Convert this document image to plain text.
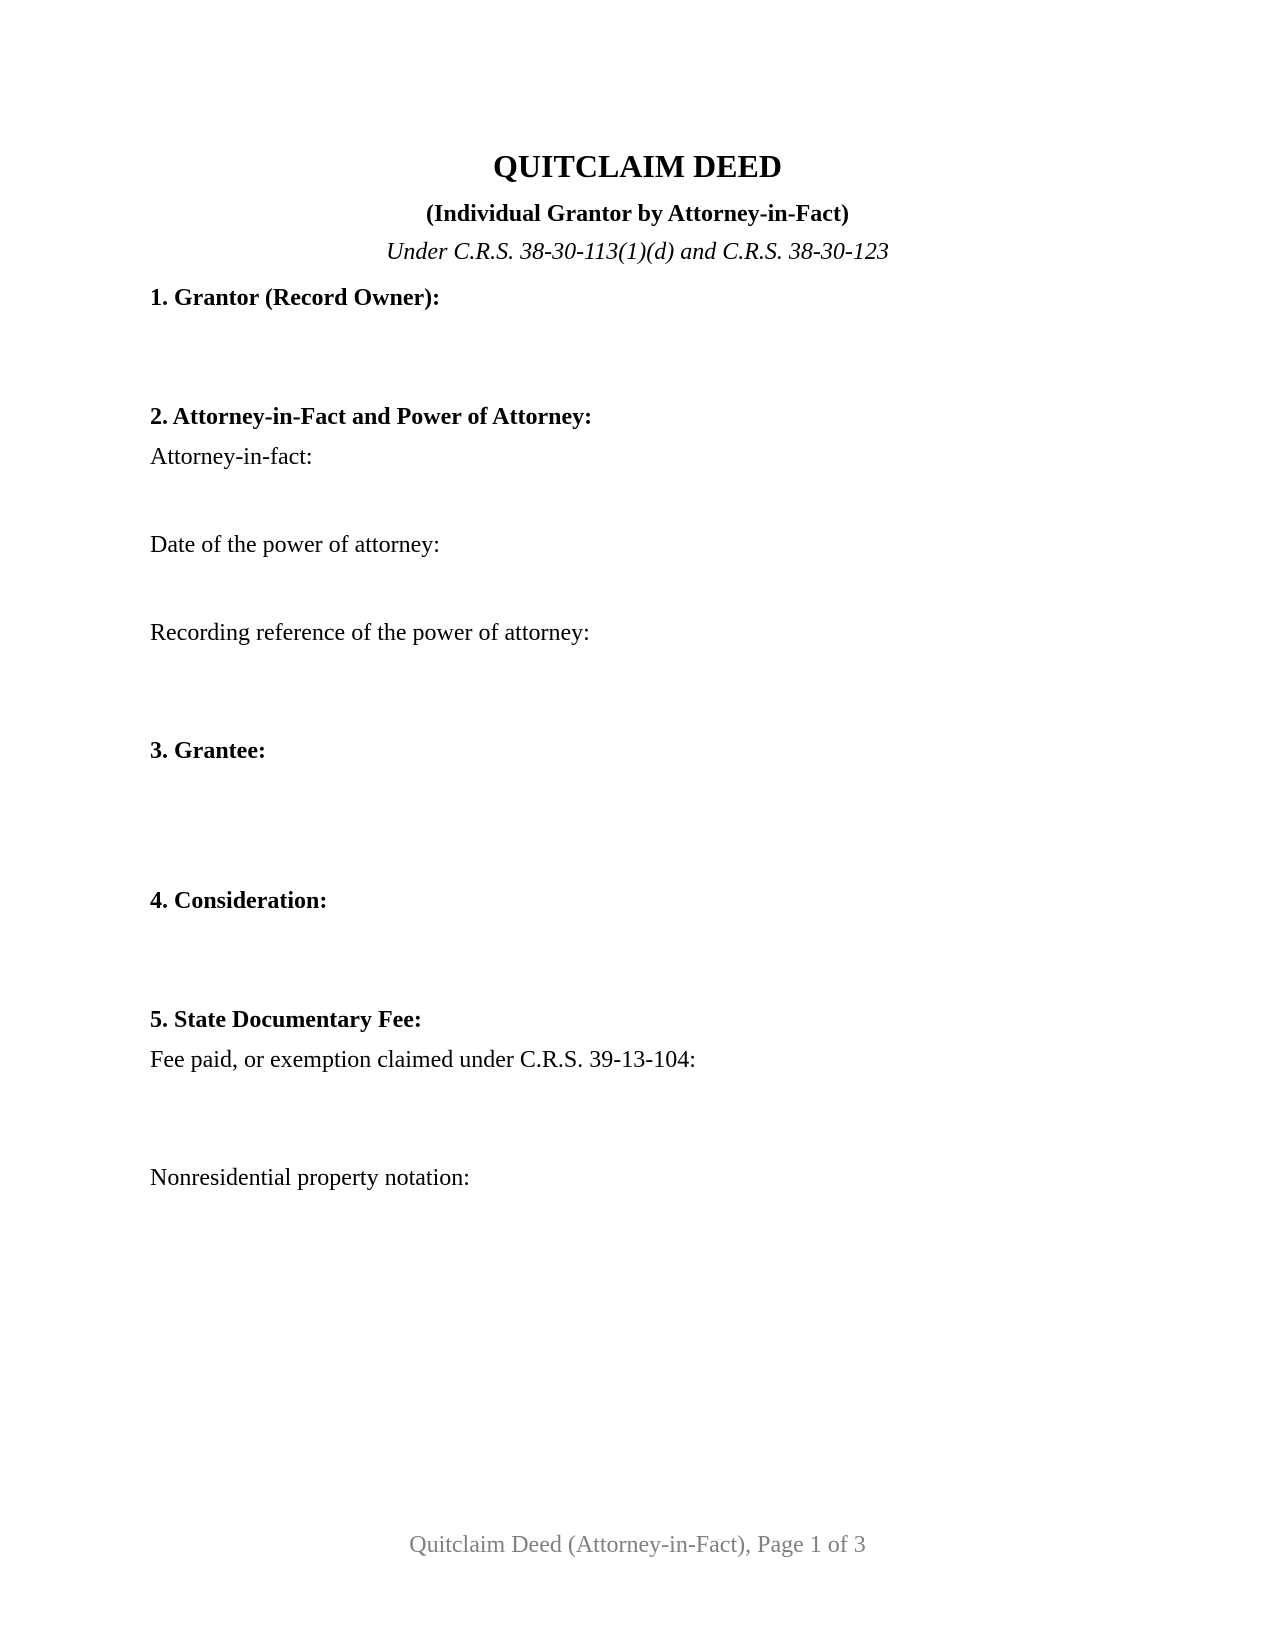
QUITCLAIM DEED
(Individual Grantor by Attorney-in-Fact)
Under C.R.S. 38-30-113(1)(d) and C.R.S. 38-30-123
1. Grantor (Record Owner):
2. Attorney-in-Fact and Power of Attorney:
Attorney-in-fact:
Date of the power of attorney:
Recording reference of the power of attorney:
3. Grantee:
4. Consideration:
5. State Documentary Fee:
Fee paid, or exemption claimed under C.R.S. 39-13-104:
Nonresidential property notation:
Quitclaim Deed (Attorney-in-Fact), Page 1 of 3
